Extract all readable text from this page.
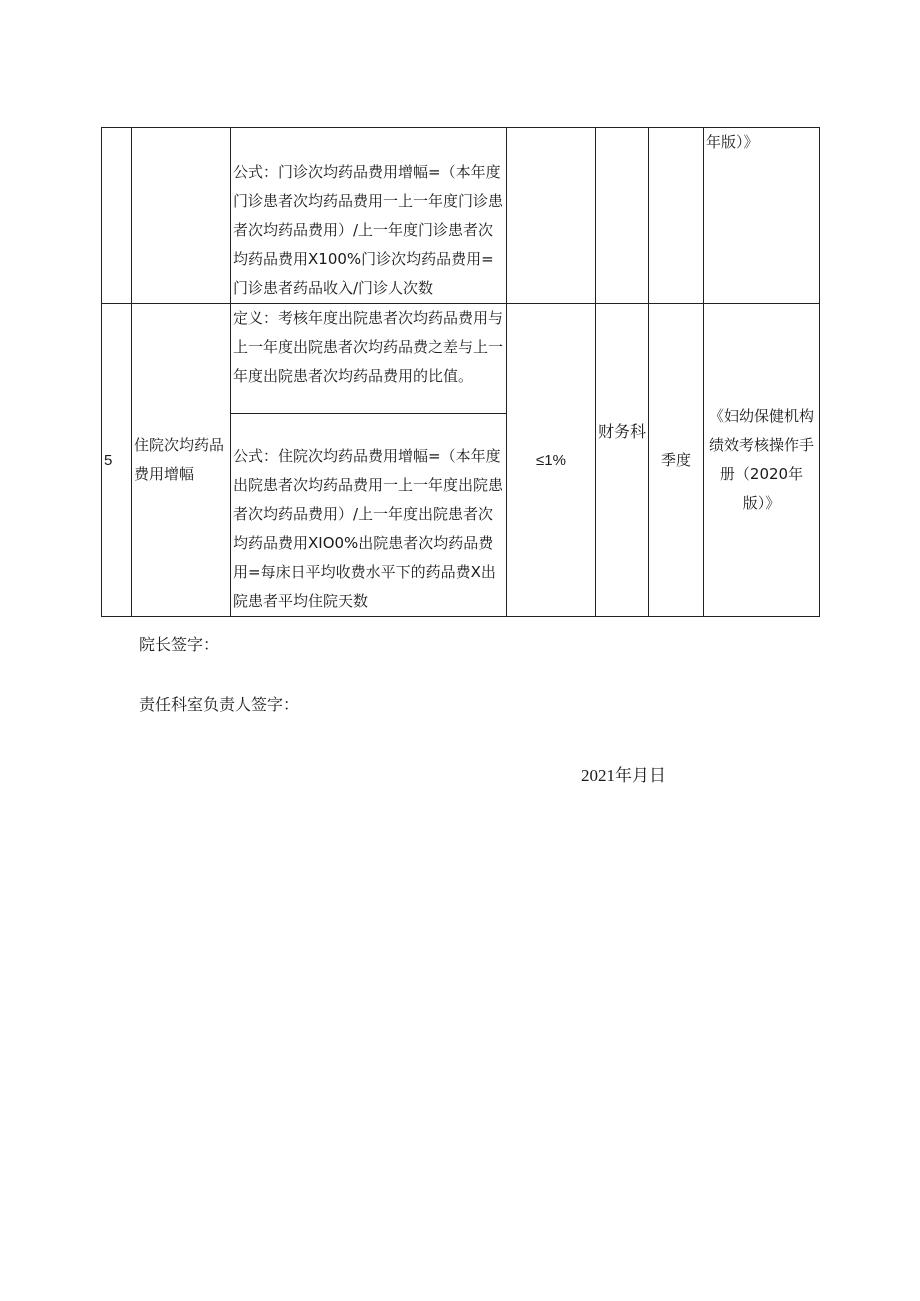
		公式：门诊次均药品费用增幅=（本年度门诊患者次均药品费用一上一年度门诊患者次均药品费用）/上一年度门诊患者次均药品费用X100%门诊次均药品费用=门诊患者药品收入/门诊人次数				年版）》
5	住院次均药品费用增幅	定义：考核年度出院患者次均药品费用与上一年度出院患者次均药品费之差与上一年度出院患者次均药品费用的比值。	≤1%	财务科	季度	《妇幼保健机构绩效考核操作手册（2020年版）》
		公式：住院次均药品费用增幅=（本年度出院患者次均药品费用一上一年度出院患者次均药品费用）/上一年度出院患者次均药品费用XIO0%出院患者次均药品费用=每床日平均收费水平下的药品费X出院患者平均住院天数				
院长签字：
责任科室负责人签字：
2021年月日
